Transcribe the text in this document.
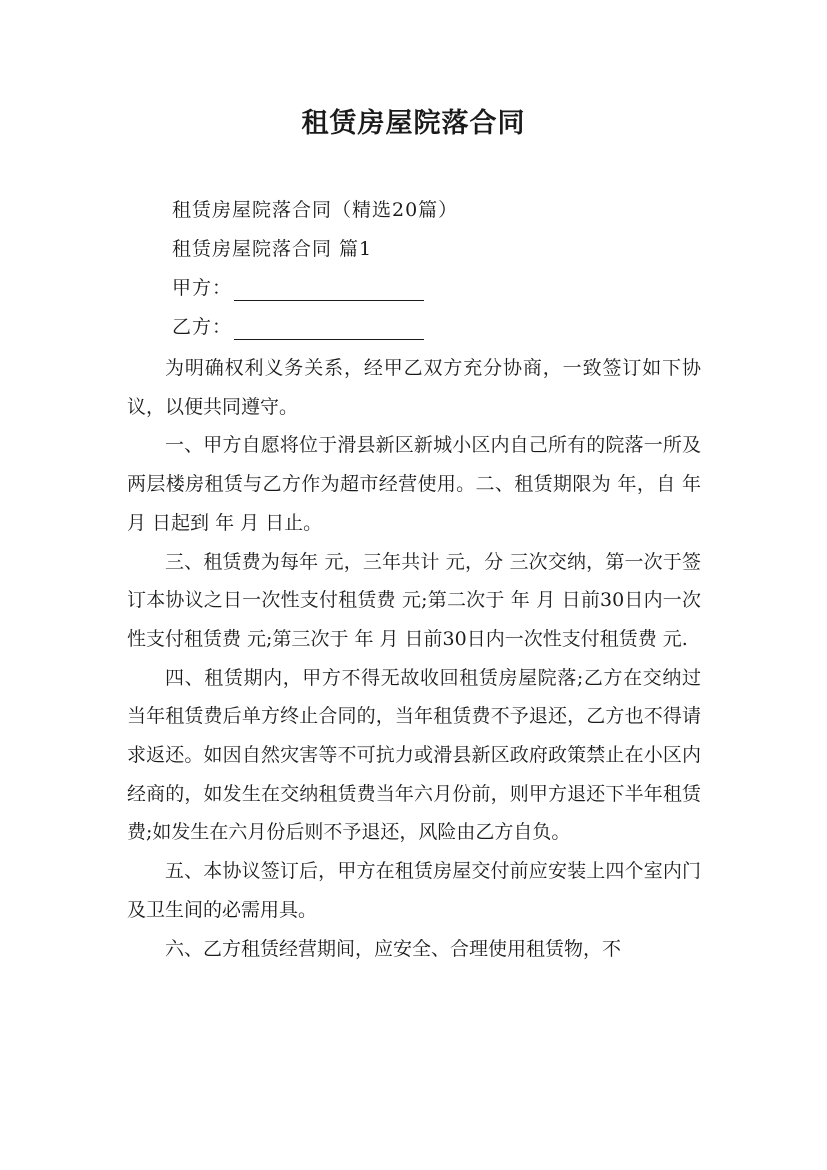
租赁房屋院落合同
租赁房屋院落合同（精选20篇）
租赁房屋院落合同 篇1
甲方：
乙方：

为明确权利义务关系，经甲乙双方充分协商，一致签订如下协议，以便共同遵守。

一、甲方自愿将位于滑县新区新城小区内自己所有的院落一所及两层楼房租赁与乙方作为超市经营使用。二、租赁期限为 年，自 年 月 日起到 年 月 日止。

三、租赁费为每年 元，三年共计 元，分 三次交纳，第一次于签订本协议之日一次性支付租赁费 元;第二次于 年 月 日前30日内一次性支付租赁费 元;第三次于 年 月 日前30日内一次性支付租赁费 元.

四、租赁期内，甲方不得无故收回租赁房屋院落;乙方在交纳过当年租赁费后单方终止合同的，当年租赁费不予退还，乙方也不得请求返还。如因自然灾害等不可抗力或滑县新区政府政策禁止在小区内经商的，如发生在交纳租赁费当年六月份前，则甲方退还下半年租赁费;如发生在六月份后则不予退还，风险由乙方自负。

五、本协议签订后，甲方在租赁房屋交付前应安装上四个室内门及卫生间的必需用具。

六、乙方租赁经营期间，应安全、合理使用租赁物，不
